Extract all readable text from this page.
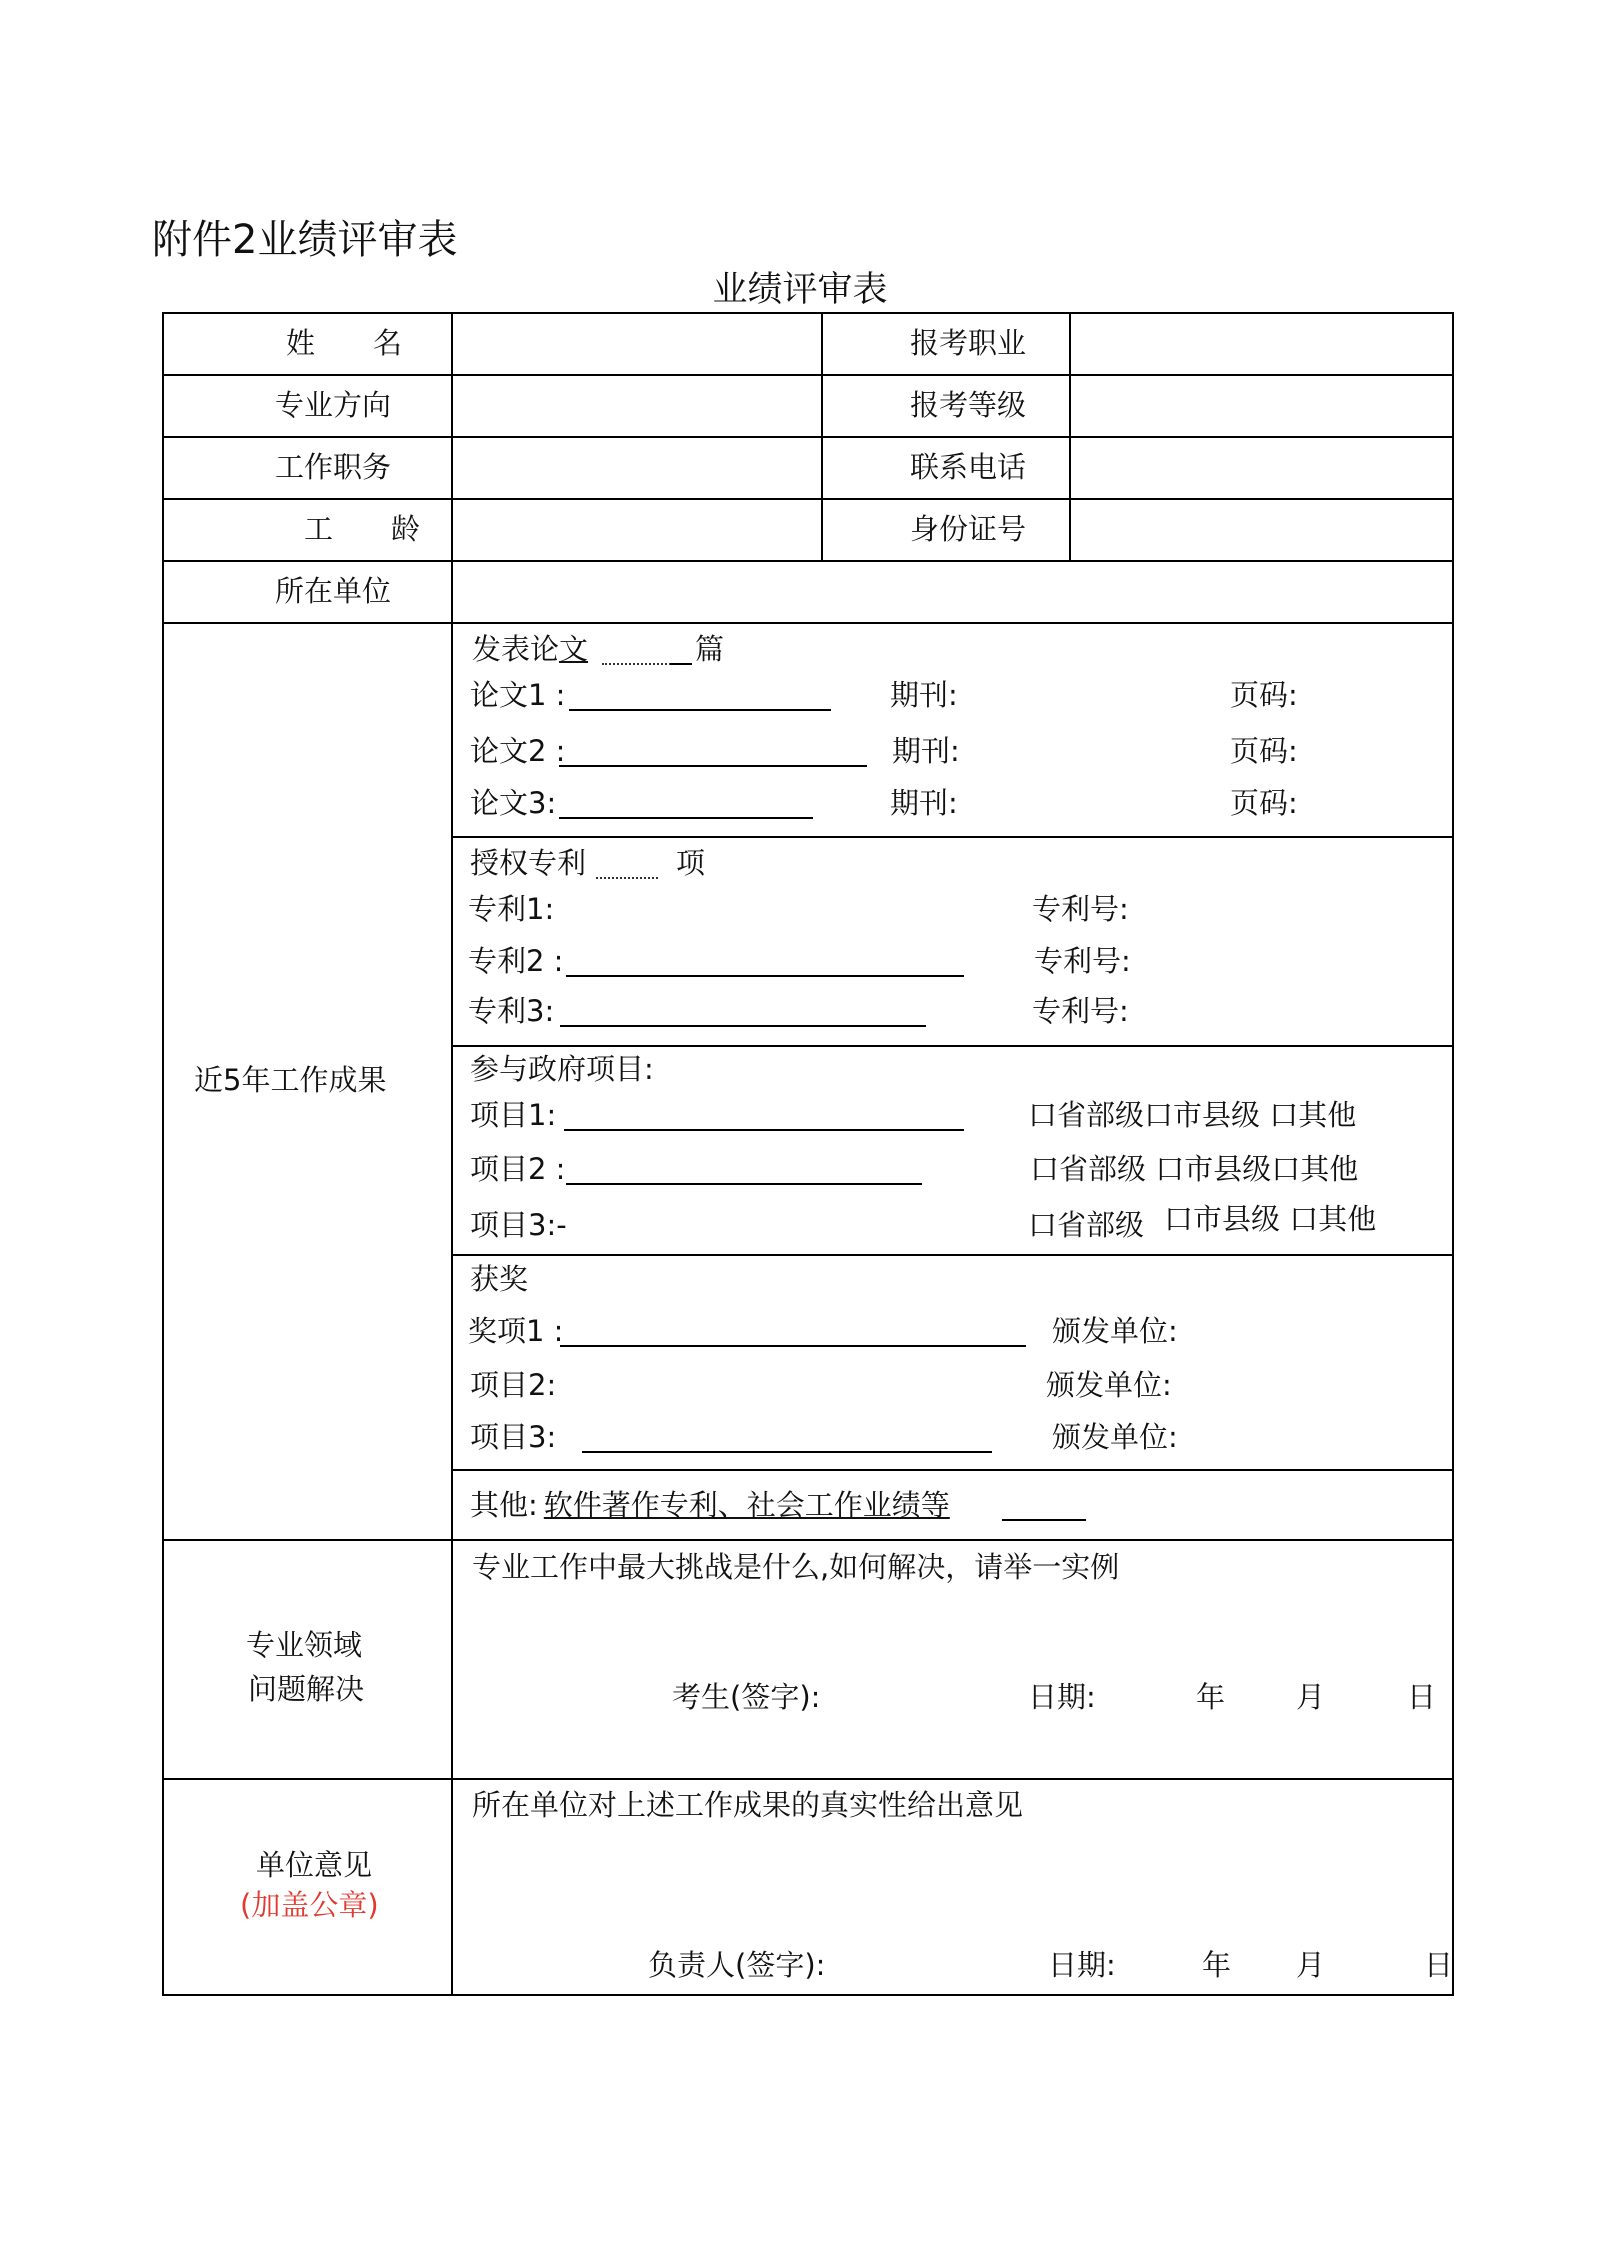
附件2业绩评审表
业绩评审表
姓　　名	报考职业
专业方向	报考等级
工作职务	联系电话
工　　龄	身份证号
所在单位
近5年工作成果
发表论文	篇
论文1 :	期刊:	页码:
论文2 :	期刊:	页码:
论文3:	期刊:	页码:
授权专利	项
专利1:	专利号:
专利2 :	专利号:
专利3:	专利号:
参与政府项目:
项目1:	口省部级口市县级 口其他
项目2 :	口省部级 口市县级口其他
项目3:-	口省部级 口市县级 口其他
获奖
奖项1 :	颁发单位:
项目2:	颁发单位:
项目3:	颁发单位:
其他: 软件著作专利、社会工作业绩等
专业领域
问题解决
专业工作中最大挑战是什么,如何解决，请举一实例
考生(签字):	日期:	年 月	日
单位意见
(加盖公章)
所在单位对上述工作成果的真实性给出意见
负责人(签字):	日期:	年 月	日
